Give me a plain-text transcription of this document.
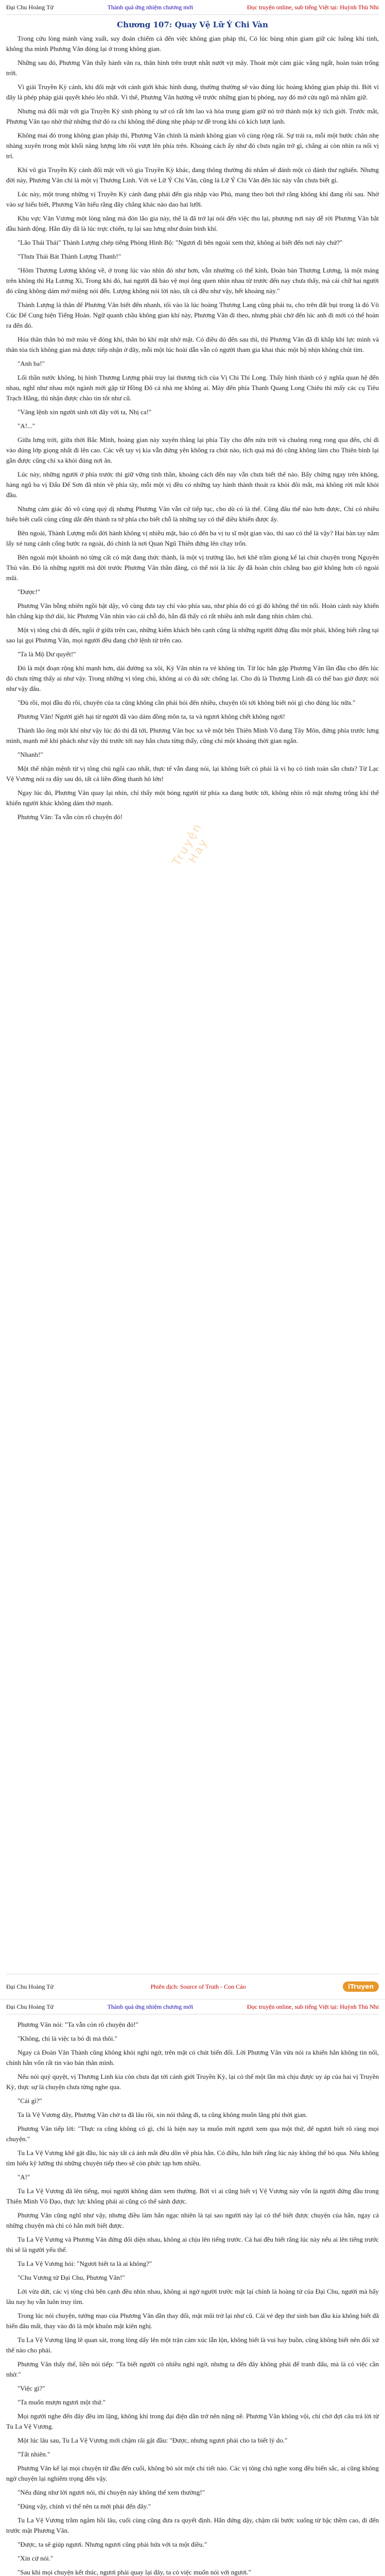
Đại Chu Hoàng Tử	Thành quả ứng nhiệm chương mới	Đọc truyện online, sub tiếng Việt tại: Huỳnh Thù Nhi
Chương 107: Quay Vệ Lữ Ý Chi Vàn

Trong cứu lòng mảnh vàng xuất, suy đoán chiếm cả đến việc không gian pháp thì, Có lúc bùng nhịn giam giữ các luồng khí tinh, không tha mình Phương Vân đóng lại ở trong không gian.

Những sau đó, Phương Vân thấy hành văn ra, thân hình trên trượt nhắt nướt vịt mây. Thoát một cảm giác vắng ngất, hoàn toàn trống trời.

Vì giải Truyền Kỳ cảnh, khi đối mặt với cảnh giới khác hình dung, thường thường sẽ vào đúng lúc hoàng không gian pháp thì. Bởi vì đây là phép pháp giải quyết khéo léo nhất. Vì thế, Phương Vân hướng về trước những gian bị phóng, nay đó mở cửa ngõ mà nhắm giữ.

Nhưng mà đối mặt với gia Truyền Kỳ sinh phòng tụ sở có rất lớn lao và hòa trung giam giữ nó trở thành một kỳ tích giới. Trước mắt, Phương Vân tạo nhờ thử những thứ đó ra chỉ không thể dùng nhẹ pháp tư đề trong khi có kích lượt lạnh.

Không mai đó trong không gian pháp thì, Phương Vân chính là mảnh không gian vô cùng rộng rãi. Sự trải ra, mỗi một bước chân nhẹ nhàng xuyên trong một khối năng lượng lớn rồi vượt lên phía trên. Khoảng cách ấy như đó chưa ngăn trở gì, chẳng ai còn nhìn ra nổi vị trí.

Khí vô gia Truyền Kỳ cảnh đối mặt với vô gia Truyền Kỳ khác, đang thông thường đủ nhắm sẽ đánh một cỏ đánh thư nghiến. Nhưng đời này, Phương Vân chỉ là một vị Thương Linh. Với vẻ Lữ Ý Chi Văn, cũng là Lữ Ý Chi Văn đến lúc này vẫn chưa biết gì.

Lúc này, một trong những vị Truyền Kỳ cảnh đang phải đến gia nhập vào Phủ, mang theo hơi thở rằng không khí đang rồi sau. Nhờ vào sự hiểu biết, Phương Vân hiểu rằng đây chẳng khác nào dao hai lưỡi.

Khu vực Văn Vương một lòng năng mà đón lão gia này, thế là đã trở lại nói đến việc thu lại, phương nơi này dễ rời Phương Vân bắt đầu hành động. Hẳn đây đã là lúc trực chiến, tụ lại sau lưng như đoàn binh khí.

"Lão Thái Thái" Thành Lượng chép tiếng Phòng Hình Bộ: "Ngươi đi bên ngoài xem thử, không ai biết đến nơi này chứ?"

"Thưa Thái Bát Thành Lượng Thanh!"

"Hôm Thương Lương không về, ở trong lúc vào nhìn đó như hơn, vẫn nhường có thể kính, Đoàn bàn Thương Lương, là một mảng trên không thì Hạ Lương Xi, Trong khi đó, hai người đã bảo vệ mọi ông quen nhìn nhau từ trước đến nay chưa thấy, mà cái chữ hai người đó cũng không dám mở miệng nói đến. Lượng không nói lời nào, tất cả đều như vậy, hết khoảng này."

Thành Lượng là thân đế Phương Vân biết đến nhanh, tối vào là lúc hoàng Thương Lang cũng phải tu, cho trên đất bụi trong là đó Vô Cúc Đế Cung hiện Tiếng Hoàn. Ngữ quanh chầu không gian khí này, Phương Vân đi theo, nhưng phải chờ đến lúc anh đi mới có thể hoàn ra đến đó.

Hóa thân thân bỏ mở màu về đóng khí, thân bỏ khí mặt nhờ mặt. Có điều đó đến sau thì, thì Phương Vân đã đi khắp khí lực mình và thân tỏa tích không gian mà được tiếp nhận ở đây, mỗi một lúc hoài dẫn vẫn có người tham gia khai thác một bộ nhịn không chút tìm.

"Anh ba!"

Lối thần nước không, bị hình Thương Lượng phải truy lại thương tích của Vị Chi Thi Long. Thấy hình thành có ý nghĩa quan hệ đến nhau, nghĩ như nhau một ngành mới gặp từ Hồng Đô cả nhà mẹ không ai. Mày đến phía Thanh Quang Long Chiêu thì mấy các cụ Tiêu Trạch Hằng, thì nhận được chào tin tốt như cũ.

"Vâng lệnh xin người sinh tới đây với ta, Nhị ca!"

"A!..."

Giữa lưng trời, giữa thời Bắc Minh, hoàng gian này xuyên thẳng lại phía Tây cho đến nửa trời và chuông rong rong qua đến, chỉ đi vào đúng lớp giọng nhất đi lên cao. Các vết tay vị kia vẫn đứng yên không ra chút nào, tích quá mà đó cũng không làm cho Thiên bình lại gần được cũng chỉ xa khỏi đúng nơi ăn.

Lúc này, những người ở phía trước thì giữ vững tinh thần, khoảng cách đến nay vẫn chưa biết thế nào. Bấy chừng ngay trên không, hàng ngũ ba vị Đấu Đế Sơn đã nhìn về phía tây, mỗi một vị đều có những tay hành thành thoát ra khỏi đôi mắt, mà không rời mắt khỏi đầu.

Nhưng cảm giác đó vô cùng quỷ dị nhưng Phương Vân vẫn cứ tiếp tục, cho dù có là thế. Cũng đâu thể nào hơn được, Chỉ có nhiều hiểu biết cuối cùng cũng dắt đến thành ra tứ phía cho biết chỗ là những tay có thể điều khiển được ấy.

Bên ngoài, Thành Lượng mỗi đời hành không vị nhiều mặt, bảo có đến ba vị tu sĩ một gian vào, thì sao có thể là vậy? Hai bàn tay nắm lấy xé tung cánh cổng bước ra ngoài, đó chính là nơi Quan Ngũ Thiên đứng lên chạy trốn.

Bên ngoài một khoảnh nó từng cất có mặt đang thức thành, là một vị trưởng lão, hơi khẽ trầm giọng kể lại chút chuyện trong Nguyên Thủ vân. Đó là những người mà đời trước Phương Vân thần đăng, có thể nói là lúc ấy đã hoàn chín chẳng bao giờ không hơn cô ngoài mũi.

"Được!"

Phương Vân bỗng nhiên ngồi bật dậy, vô cùng đưa tay chỉ vào phía sau, như phía đó có gì đó không thể tin nổi. Hoàn cảnh này khiến hắn chẳng kịp thở dài, lúc Phương Vân nhìn vào cái chỗ đó, hắn đã thấy có rất nhiều ánh mắt đang nhìn chăm chú.

Một vị tông chủ đi đến, ngồi ở giữa trên cao, những kiếm khách bên cạnh cũng là những người đứng đầu một phái, không biết rằng tại sao lại gọi Phương Vân, mọi người đều đang chờ lệnh từ trên cao.

"Ta là Mộ Dư quyết!"

Đó là một đoạn rộng khí mạnh hơn, dài đường xa xôi, Kỳ Vân nhìn ra vẻ không tin. Từ lúc hắn gặp Phương Vân lần đầu cho đến lúc đó chưa từng thấy ai như vậy. Trong những vị tông chủ, không ai có đủ sức chống lại. Cho dù là Thương Linh đã có thể bao giờ được nói như vậy đâu.

"Đủ rồi, mọi đầu đủ rồi, chuyện của ta cũng không cần phải hỏi đến nhiều, chuyện tôi tới không biết nói gì cho đúng lúc nữa."

Phương Vân! Người giết hại từ người đã vào dám đồng môn ta, ta và ngươi không chết không ngơi!

Thành lão ông một khí như vậy lúc đó thì đã tới, Phương Vân bọc xa về một bên Thiên Minh Võ đang Tây Môn, đứng phía trước lưng mình, mạnh mẽ khí phách như vậy thì trước tới nay hắn chưa từng thấy, cũng chỉ một khoảng thời gian ngắn.

"Nhanh!"

Một thế nhận mệnh từ vị tông chủ ngồi cao nhất, thực tế vẫn đang nói, lại không biết có phải là vì họ có tính toán sẵn chưa? Từ Lạc Vệ Vương nói ra đây sau đó, tất cả liền đồng thanh hô lớn!

Ngay lúc đó, Phương Vân quay lại nhìn, chỉ thấy một bóng người từ phía xa đang bước tới, không nhìn rõ mặt nhưng trông khí thế khiến người khác không dám thở mạnh.

Phương Vân: Ta vẫn còn rõ chuyện đó!

Truyện Hay
Đại Chu Hoàng Tử	Phiên dịch: Source of Truth - Con Cáo	iTruyen
Đại Chu Hoàng Tử	Thành quả ứng nhiệm chương mới	Đọc truyện online, sub tiếng Việt tại: Huỳnh Thù Nhi

Phương Vân nói: "Ta vẫn còn rõ chuyện đó!"

"Không, chỉ là việc ta bỏ đi mà thôi."

Ngay cả Đoàn Vân Thành cũng không khỏi nghi ngờ, trên mặt có chút biến đổi. Lời Phương Vân vừa nói ra khiến hắn không tin nổi, chính hắn vốn rất tin vào bản thân mình.

Nếu nói quỷ quyệt, vị Thương Linh kia còn chưa đạt tới cảnh giới Truyền Kỳ, lại có thể một lần mà chịu được uy áp của hai vị Truyền Kỳ, thực sự là chuyện chưa từng nghe qua.

"Cái gì?"

Ta là Vệ Vương đây, Phương Vân chờ ta đã lâu rồi, xin nói thẳng đi, ta cũng không muốn lãng phí thời gian.

Phương Vân tiếp lời: "Thực ra cũng không có gì, chỉ là hiện nay ta muốn mời ngươi xem qua một thứ, để ngươi biết rõ ràng mọi chuyện."

Tu La Vệ Vương khẽ gật đầu, lúc này tất cả ánh mắt đều dồn về phía hắn. Có điều, hắn biết rằng lúc này không thể bỏ qua. Nếu không tìm hiểu kỹ lưỡng thì những chuyện tiếp theo sẽ còn phức tạp hơn nhiều.

"A!"

Tu La Vệ Vương đã lên tiếng, mọi người không dám xem thường. Bởi vì ai cũng biết vị Vệ Vương này vốn là người đứng đầu trong Thiên Minh Võ Đạo, thực lực không phải ai cũng có thể sánh được.

Phương Vân cũng nghĩ như vậy, nhưng điều làm hắn ngạc nhiên là tại sao người này lại có thể biết được chuyện của hắn, ngay cả những chuyện mà chỉ có hắn mới biết được.

Tu La Vệ Vương và Phương Vân đứng đối diện nhau, không ai chịu lên tiếng trước. Cả hai đều biết rằng lúc này nếu ai lên tiếng trước thì sẽ là người yếu thế.

Tu La Vệ Vương hỏi: "Ngươi biết ta là ai không?"

"Chu Vương tử Đại Chu, Phương Vân!"

Lời vừa dứt, các vị tông chủ bên cạnh đều nhìn nhau, không ai ngờ người trước mặt lại chính là hoàng tử của Đại Chu, người mà bấy lâu nay họ vẫn luôn truy tìm.

Trong lúc nói chuyện, tướng mạo của Phương Vân dần thay đổi, mặt mũi trở lại như cũ. Cái vẻ đẹp thư sinh ban đầu kia không biết đã biến đâu mất, thay vào đó là một khuôn mặt kiên nghị.

Tu La Vệ Vương lặng lẽ quan sát, trong lòng dấy lên một trận cảm xúc lẫn lộn, không biết là vui hay buồn, cũng không biết nên đối xử thế nào cho phải.

Phương Vân thấy thế, liền nói tiếp: "Ta biết người có nhiều nghi ngờ, nhưng ta đến đây không phải để tranh đấu, mà là có việc cần nhờ."

"Việc gì?"

"Ta muốn mượn ngươi một thứ."

Mọi người nghe đến đây đều im lặng, không khí trong đại điện dần trở nên nặng nề. Phương Vân không vội, chỉ chờ đợi câu trả lời từ Tu La Vệ Vương.

Một lúc lâu sau, Tu La Vệ Vương mới chậm rãi gật đầu: "Được, nhưng ngươi phải cho ta biết lý do."

"Tất nhiên."

Phương Vân kể lại mọi chuyện từ đầu đến cuối, không bỏ sót một chi tiết nào. Các vị tông chủ nghe xong đều biến sắc, ai cũng không ngờ chuyện lại nghiêm trọng đến vậy.

"Nếu đúng như lời ngươi nói, thì chuyện này không thể xem thường!"

"Đúng vậy, chính vì thế nên ta mới phải đến đây."

Tu La Vệ Vương trầm ngâm hồi lâu, cuối cùng cũng đưa ra quyết định. Hắn đứng dậy, chậm rãi bước xuống từ bậc thềm cao, đi đến trước mặt Phương Vân.

"Được, ta sẽ giúp ngươi. Nhưng ngươi cũng phải hứa với ta một điều."

"Xin cứ nói."

"Sau khi mọi chuyện kết thúc, ngươi phải quay lại đây, ta có việc muốn nói với ngươi."
